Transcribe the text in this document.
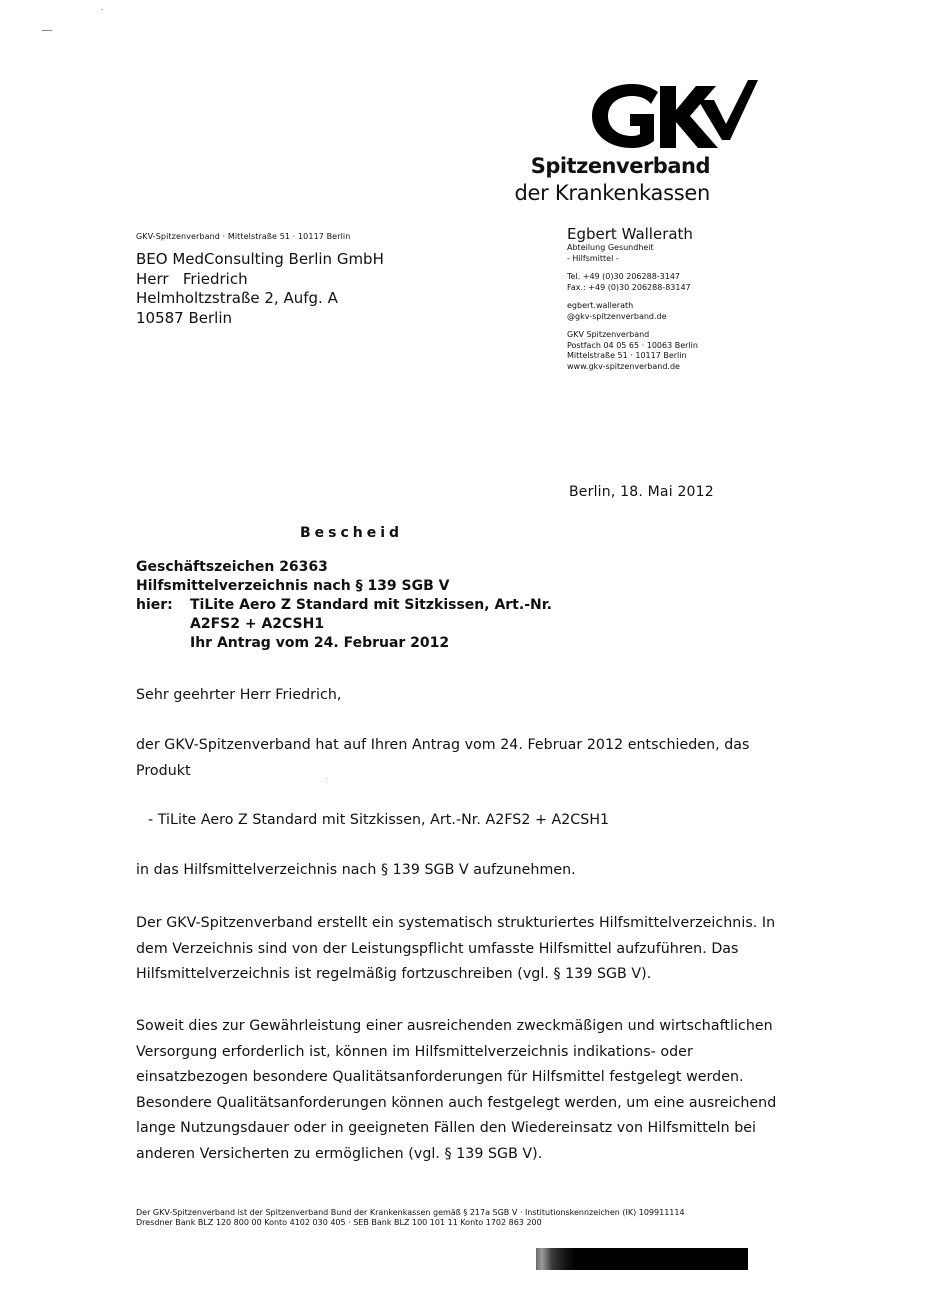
˘
Spitzenverband
der Krankenkassen
GKV-Spitzenverband · Mittelstraße 51 · 10117 Berlin
BEO MedConsulting Berlin GmbH
Herr   Friedrich
Helmholtzstraße 2, Aufg. A
10587 Berlin
Egbert Wallerath
Abteilung Gesundheit
- Hilfsmittel -
Tel. +49 (0)30 206288-3147
Fax.: +49 (0)30 206288-83147
egbert.wallerath
@gkv-spitzenverband.de
GKV Spitzenverband
Postfach 04 05 65 · 10063 Berlin
Mittelstraße 51 · 10117 Berlin
www.gkv-spitzenverband.de
Berlin, 18. Mai 2012
Bescheid
Geschäftszeichen 26363
Hilfsmittelverzeichnis nach § 139 SGB V
hier: TiLite Aero Z Standard mit Sitzkissen, Art.-Nr.
A2FS2 + A2CSH1
Ihr Antrag vom 24. Februar 2012
Sehr geehrter Herr Friedrich,
der GKV-Spitzenverband hat auf Ihren Antrag vom 24. Februar 2012 entschieden, das
Produkt
- TiLite Aero Z Standard mit Sitzkissen, Art.-Nr. A2FS2 + A2CSH1
in das Hilfsmittelverzeichnis nach § 139 SGB V aufzunehmen.
Der GKV-Spitzenverband erstellt ein systematisch strukturiertes Hilfsmittelverzeichnis. In
dem Verzeichnis sind von der Leistungspflicht umfasste Hilfsmittel aufzuführen. Das
Hilfsmittelverzeichnis ist regelmäßig fortzuschreiben (vgl. § 139 SGB V).
Soweit dies zur Gewährleistung einer ausreichenden zweckmäßigen und wirtschaftlichen
Versorgung erforderlich ist, können im Hilfsmittelverzeichnis indikations- oder
einsatzbezogen besondere Qualitätsanforderungen für Hilfsmittel festgelegt werden.
Besondere Qualitätsanforderungen können auch festgelegt werden, um eine ausreichend
lange Nutzungsdauer oder in geeigneten Fällen den Wiedereinsatz von Hilfsmitteln bei
anderen Versicherten zu ermöglichen (vgl. § 139 SGB V).
Der GKV-Spitzenverband ist der Spitzenverband Bund der Krankenkassen gemäß § 217a SGB V · Institutionskennzeichen (IK) 109911114
Dresdner Bank BLZ 120 800 00 Konto 4102 030 405 · SEB Bank BLZ 100 101 11 Konto 1702 863 200
